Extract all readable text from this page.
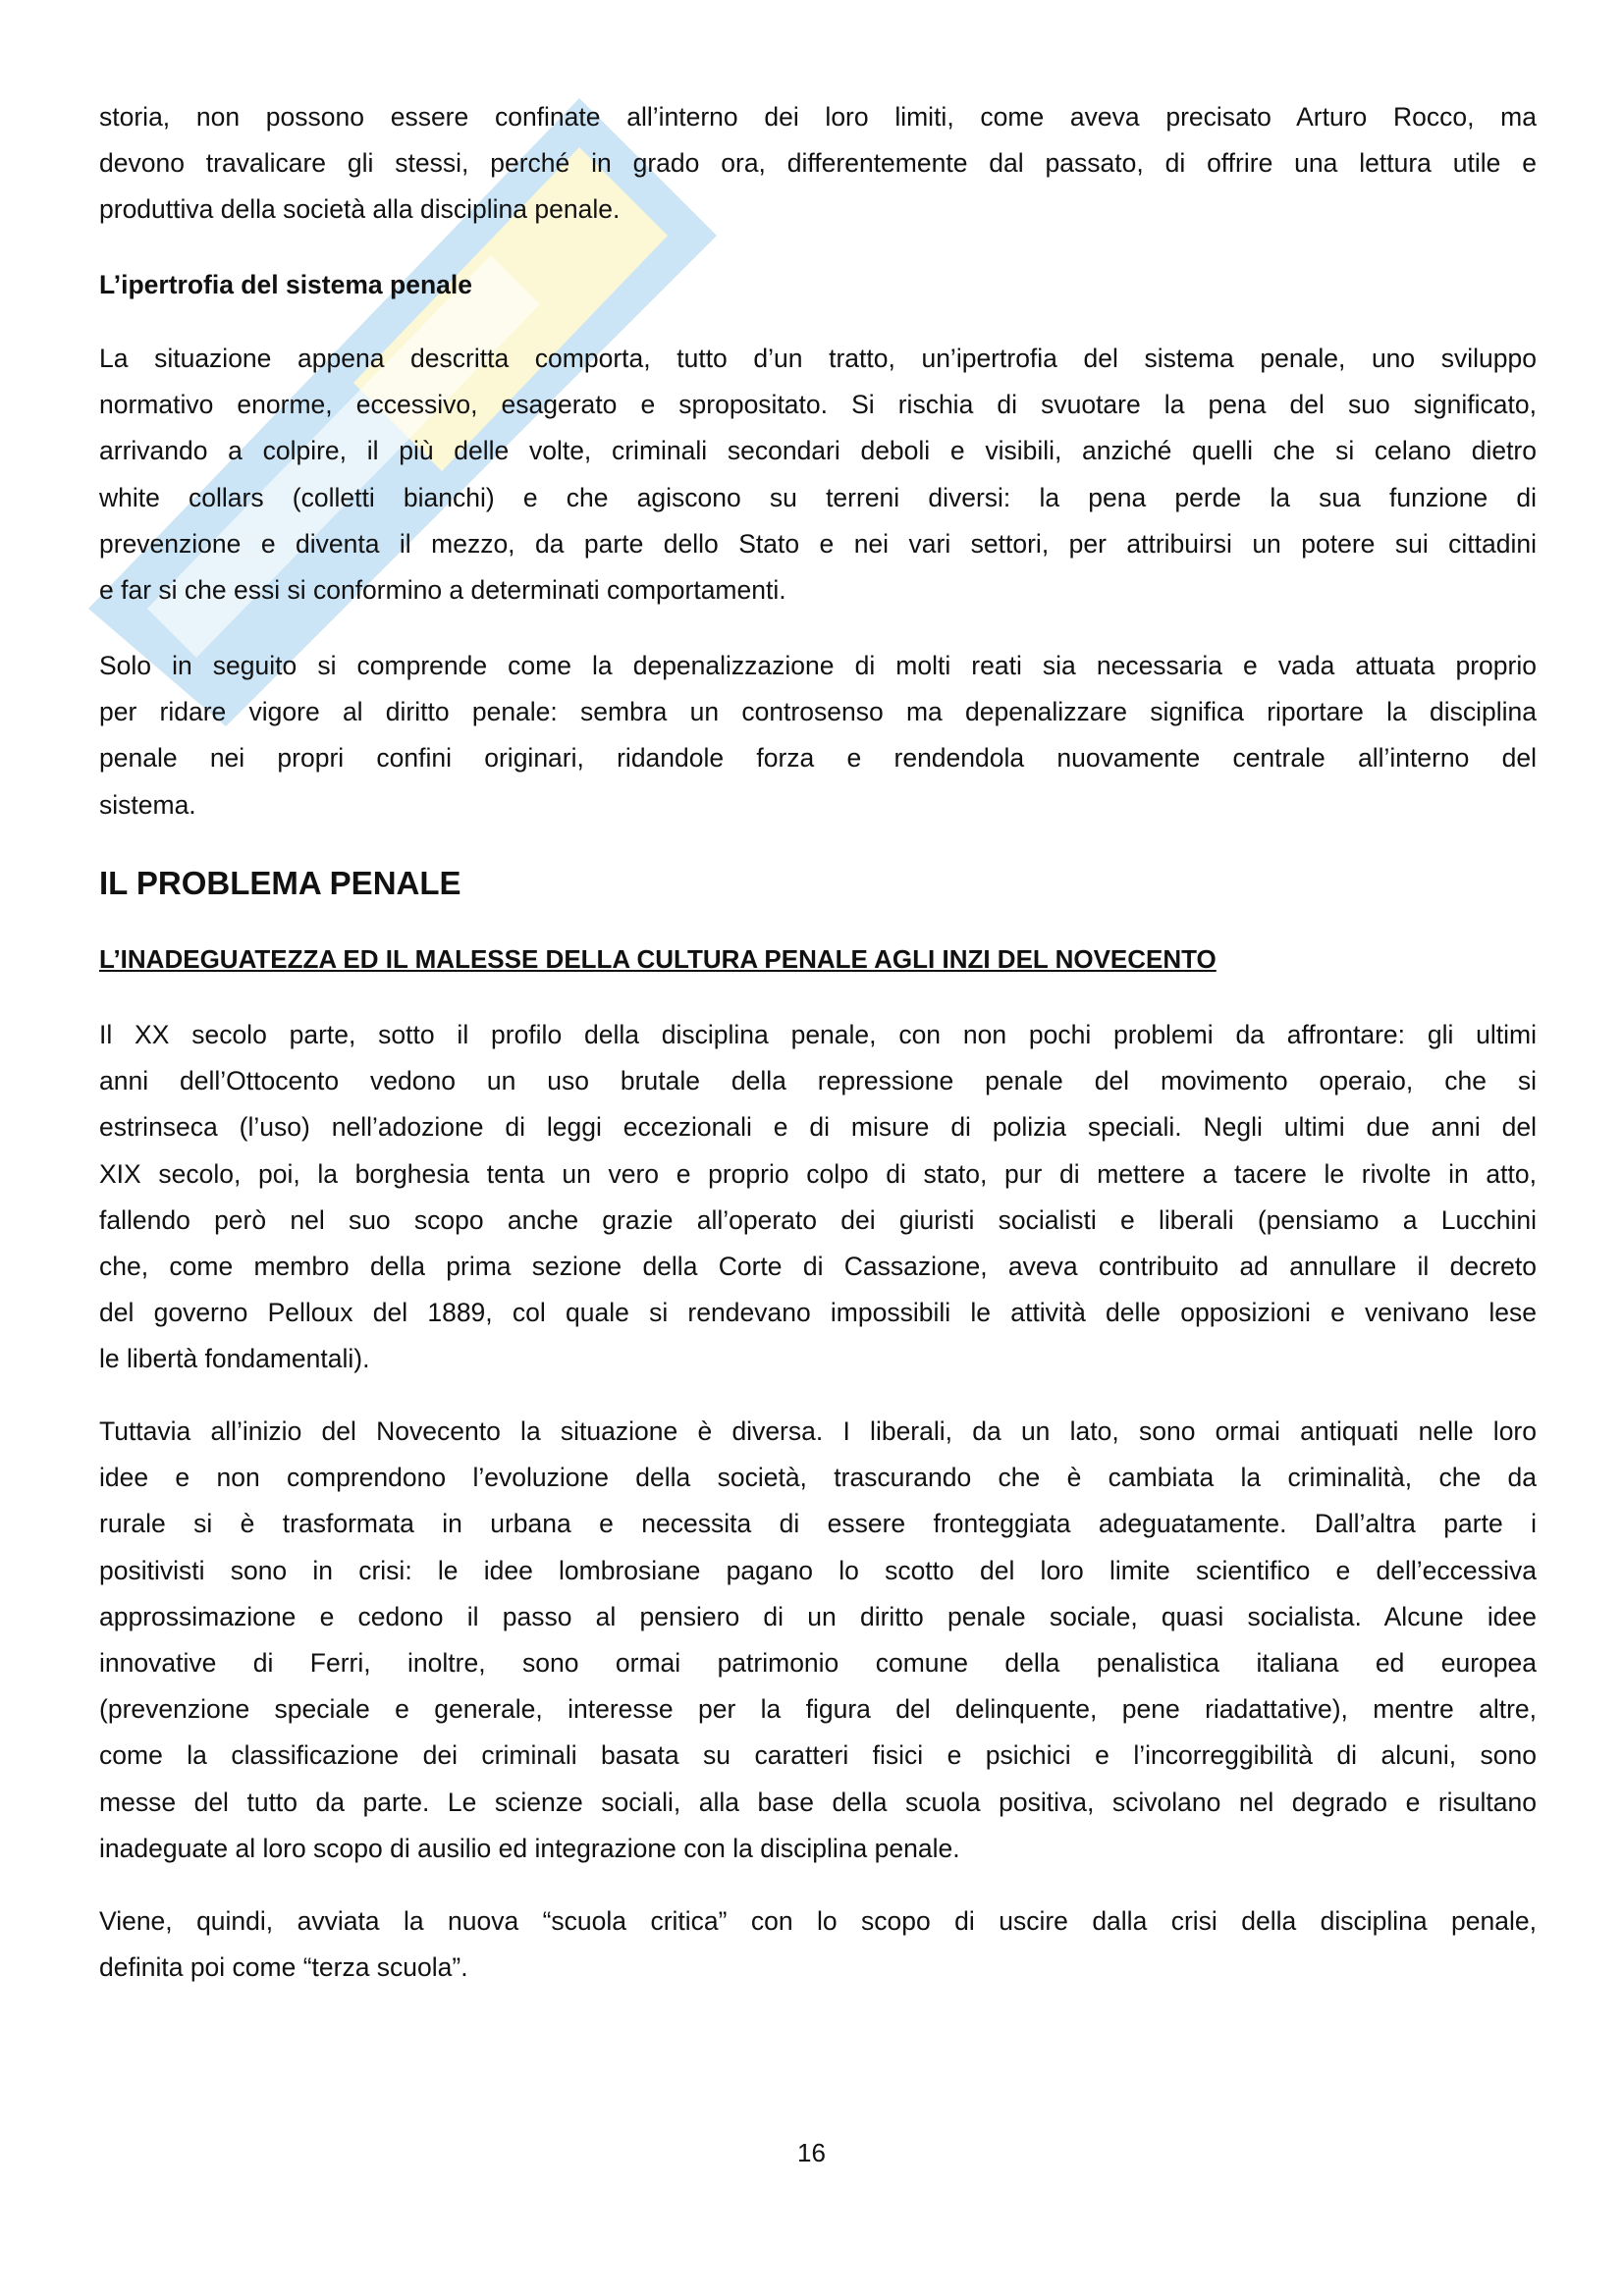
storia, non possono essere confinate all’interno dei loro limiti, come aveva precisato Arturo Rocco, ma
devono travalicare gli stessi, perché in grado ora, differentemente dal passato, di offrire una lettura utile e
produttiva della società alla disciplina penale.
L’ipertrofia del sistema penale
La situazione appena descritta comporta, tutto d’un tratto, un’ipertrofia del sistema penale, uno sviluppo
normativo enorme, eccessivo, esagerato e spropositato. Si rischia di svuotare la pena del suo significato,
arrivando a colpire, il più delle volte, criminali secondari deboli e visibili, anziché quelli che si celano dietro
white collars (colletti bianchi) e che agiscono su terreni diversi: la pena perde la sua funzione di
prevenzione e diventa il mezzo, da parte dello Stato e nei vari settori, per attribuirsi un potere sui cittadini
e far si che essi si conformino a determinati comportamenti.
Solo in seguito si comprende come la depenalizzazione di molti reati sia necessaria e vada attuata proprio
per ridare vigore al diritto penale: sembra un controsenso ma depenalizzare significa riportare la disciplina
penale nei propri confini originari, ridandole forza e rendendola nuovamente centrale all’interno del
sistema.
IL PROBLEMA PENALE
L’INADEGUATEZZA ED IL MALESSE DELLA CULTURA PENALE AGLI INZI DEL NOVECENTO
Il XX secolo parte, sotto il profilo della disciplina penale, con non pochi problemi da affrontare: gli ultimi
anni dell’Ottocento vedono un uso brutale della repressione penale del movimento operaio, che si
estrinseca (l’uso) nell’adozione di leggi eccezionali e di misure di polizia speciali. Negli ultimi due anni del
XIX secolo, poi, la borghesia tenta un vero e proprio colpo di stato, pur di mettere a tacere le rivolte in atto,
fallendo però nel suo scopo anche grazie all’operato dei giuristi socialisti e liberali (pensiamo a Lucchini
che, come membro della prima sezione della Corte di Cassazione, aveva contribuito ad annullare il decreto
del governo Pelloux del 1889, col quale si rendevano impossibili le attività delle opposizioni e venivano lese
le libertà fondamentali).
Tuttavia all’inizio del Novecento la situazione è diversa. I liberali, da un lato, sono ormai antiquati nelle loro
idee e non comprendono l’evoluzione della società, trascurando che è cambiata la criminalità, che da
rurale si è trasformata in urbana e necessita di essere fronteggiata adeguatamente. Dall’altra parte i
positivisti sono in crisi: le idee lombrosiane pagano lo scotto del loro limite scientifico e dell’eccessiva
approssimazione e cedono il passo al pensiero di un diritto penale sociale, quasi socialista. Alcune idee
innovative di Ferri, inoltre, sono ormai patrimonio comune della penalistica italiana ed europea
(prevenzione speciale e generale, interesse per la figura del delinquente, pene riadattative), mentre altre,
come la classificazione dei criminali basata su caratteri fisici e psichici e l’incorreggibilità di alcuni, sono
messe del tutto da parte. Le scienze sociali, alla base della scuola positiva, scivolano nel degrado e risultano
inadeguate al loro scopo di ausilio ed integrazione con la disciplina penale.
Viene, quindi, avviata la nuova “scuola critica” con lo scopo di uscire dalla crisi della disciplina penale,
definita poi come “terza scuola”.
16
